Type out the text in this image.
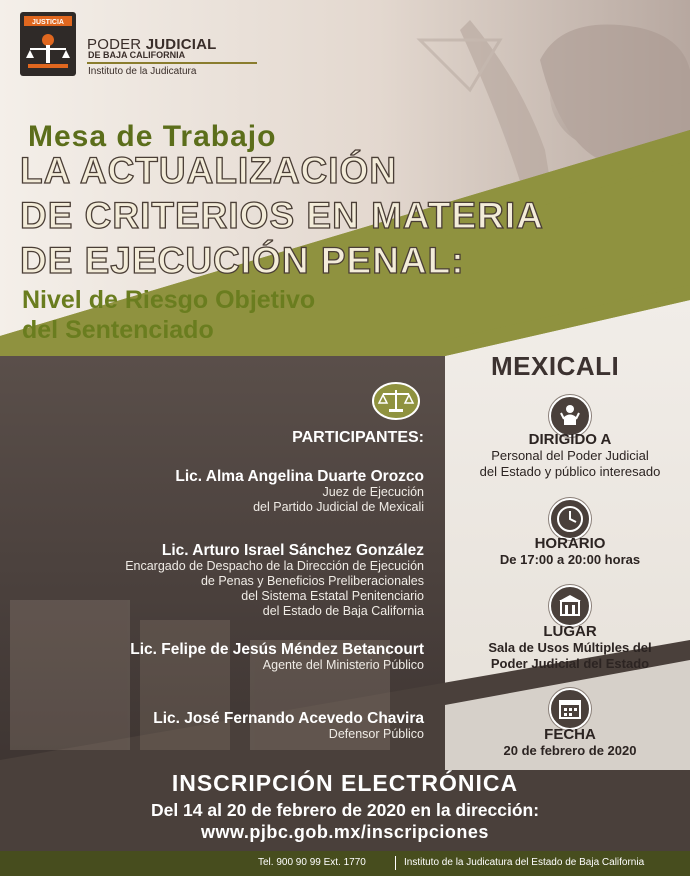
JUSTICIA
PODER JUDICIAL
DE BAJA CALIFORNIA
Instituto de la Judicatura
Mesa de Trabajo
LA ACTUALIZACIÓN
DE CRITERIOS EN MATERIA
DE EJECUCIÓN PENAL:
Nivel de Riesgo Objetivo
del Sentenciado
MEXICALI
PARTICIPANTES:
Lic. Alma Angelina Duarte Orozco
Juez de Ejecución
del Partido Judicial de Mexicali
Lic. Arturo Israel Sánchez González
Encargado de Despacho de la Dirección de Ejecución
de Penas y Beneficios Preliberacionales
del Sistema Estatal Penitenciario
del Estado de Baja California
Lic. Felipe de Jesús Méndez Betancourt
Agente del Ministerio Público
Lic. José Fernando Acevedo Chavira
Defensor Público
DIRIGIDO A
Personal del Poder Judicial
del Estado y público interesado
HORARIO
De 17:00 a 20:00 horas
LUGAR
Sala de Usos Múltiples del
Poder Judicial del Estado
FECHA
20 de febrero de 2020
INSCRIPCIÓN ELECTRÓNICA
Del 14 al 20 de febrero de 2020 en la dirección:
www.pjbc.gob.mx/inscripciones
Tel. 900 90 99 Ext. 1770	Instituto de la Judicatura del Estado de Baja California
